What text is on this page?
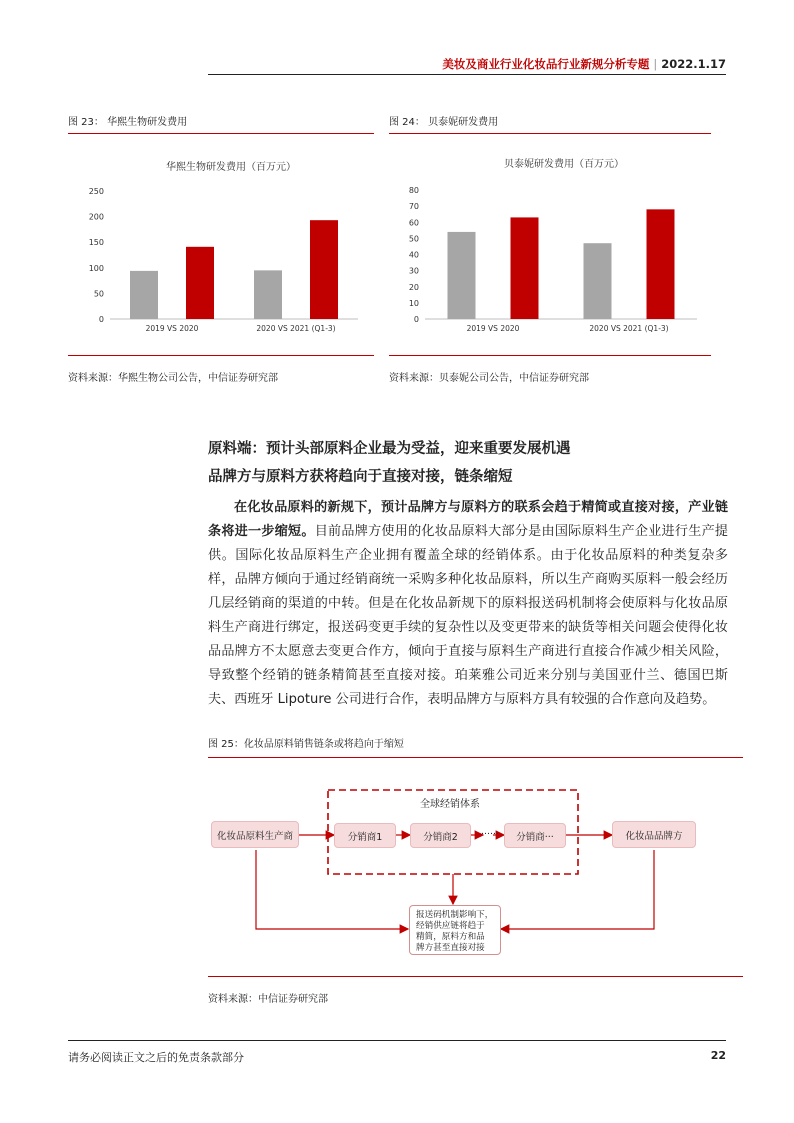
美妆及商业行业化妆品行业新规分析专题 | 2022.1.17
图 23： 华熙生物研发费用	图 24： 贝泰妮研发费用
华熙生物研发费用（百万元）
0
50
100
150
200
250
2019 VS 2020	2020 VS 2021 (Q1-3)
贝泰妮研发费用（百万元）
0
10
20
30
40
50
60
70
80
2019 VS 2020	2020 VS 2021 (Q1-3)
资料来源：华熙生物公司公告，中信证券研究部	资料来源：贝泰妮公司公告，中信证券研究部
原料端：预计头部原料企业最为受益，迎来重要发展机遇
品牌方与原料方获将趋向于直接对接，链条缩短

在化妆品原料的新规下，预计品牌方与原料方的联系会趋于精简或直接对接，产业链条将进一步缩短。目前品牌方使用的化妆品原料大部分是由国际原料生产企业进行生产提供。国际化妆品原料生产企业拥有覆盖全球的经销体系。由于化妆品原料的种类复杂多样，品牌方倾向于通过经销商统一采购多种化妆品原料，所以生产商购买原料一般会经历几层经销商的渠道的中转。但是在化妆品新规下的原料报送码机制将会使原料与化妆品原料生产商进行绑定，报送码变更手续的复杂性以及变更带来的缺货等相关问题会使得化妆品品牌方不太愿意去变更合作方，倾向于直接与原料生产商进行直接合作减少相关风险，导致整个经销的链条精简甚至直接对接。珀莱雅公司近来分别与美国亚什兰、德国巴斯夫、西班牙 Lipoture 公司进行合作，表明品牌方与原料方具有较强的合作意向及趋势。

图 25：化妆品原料销售链条或将趋向于缩短
全球经销体系
化妆品原料生产商	分销商1	分销商2	……	分销商···	化妆品品牌方
报送码机制影响下，
经销供应链将趋于
精简，原料方和品
牌方甚至直接对接
资料来源：中信证券研究部
请务必阅读正文之后的免责条款部分	22
